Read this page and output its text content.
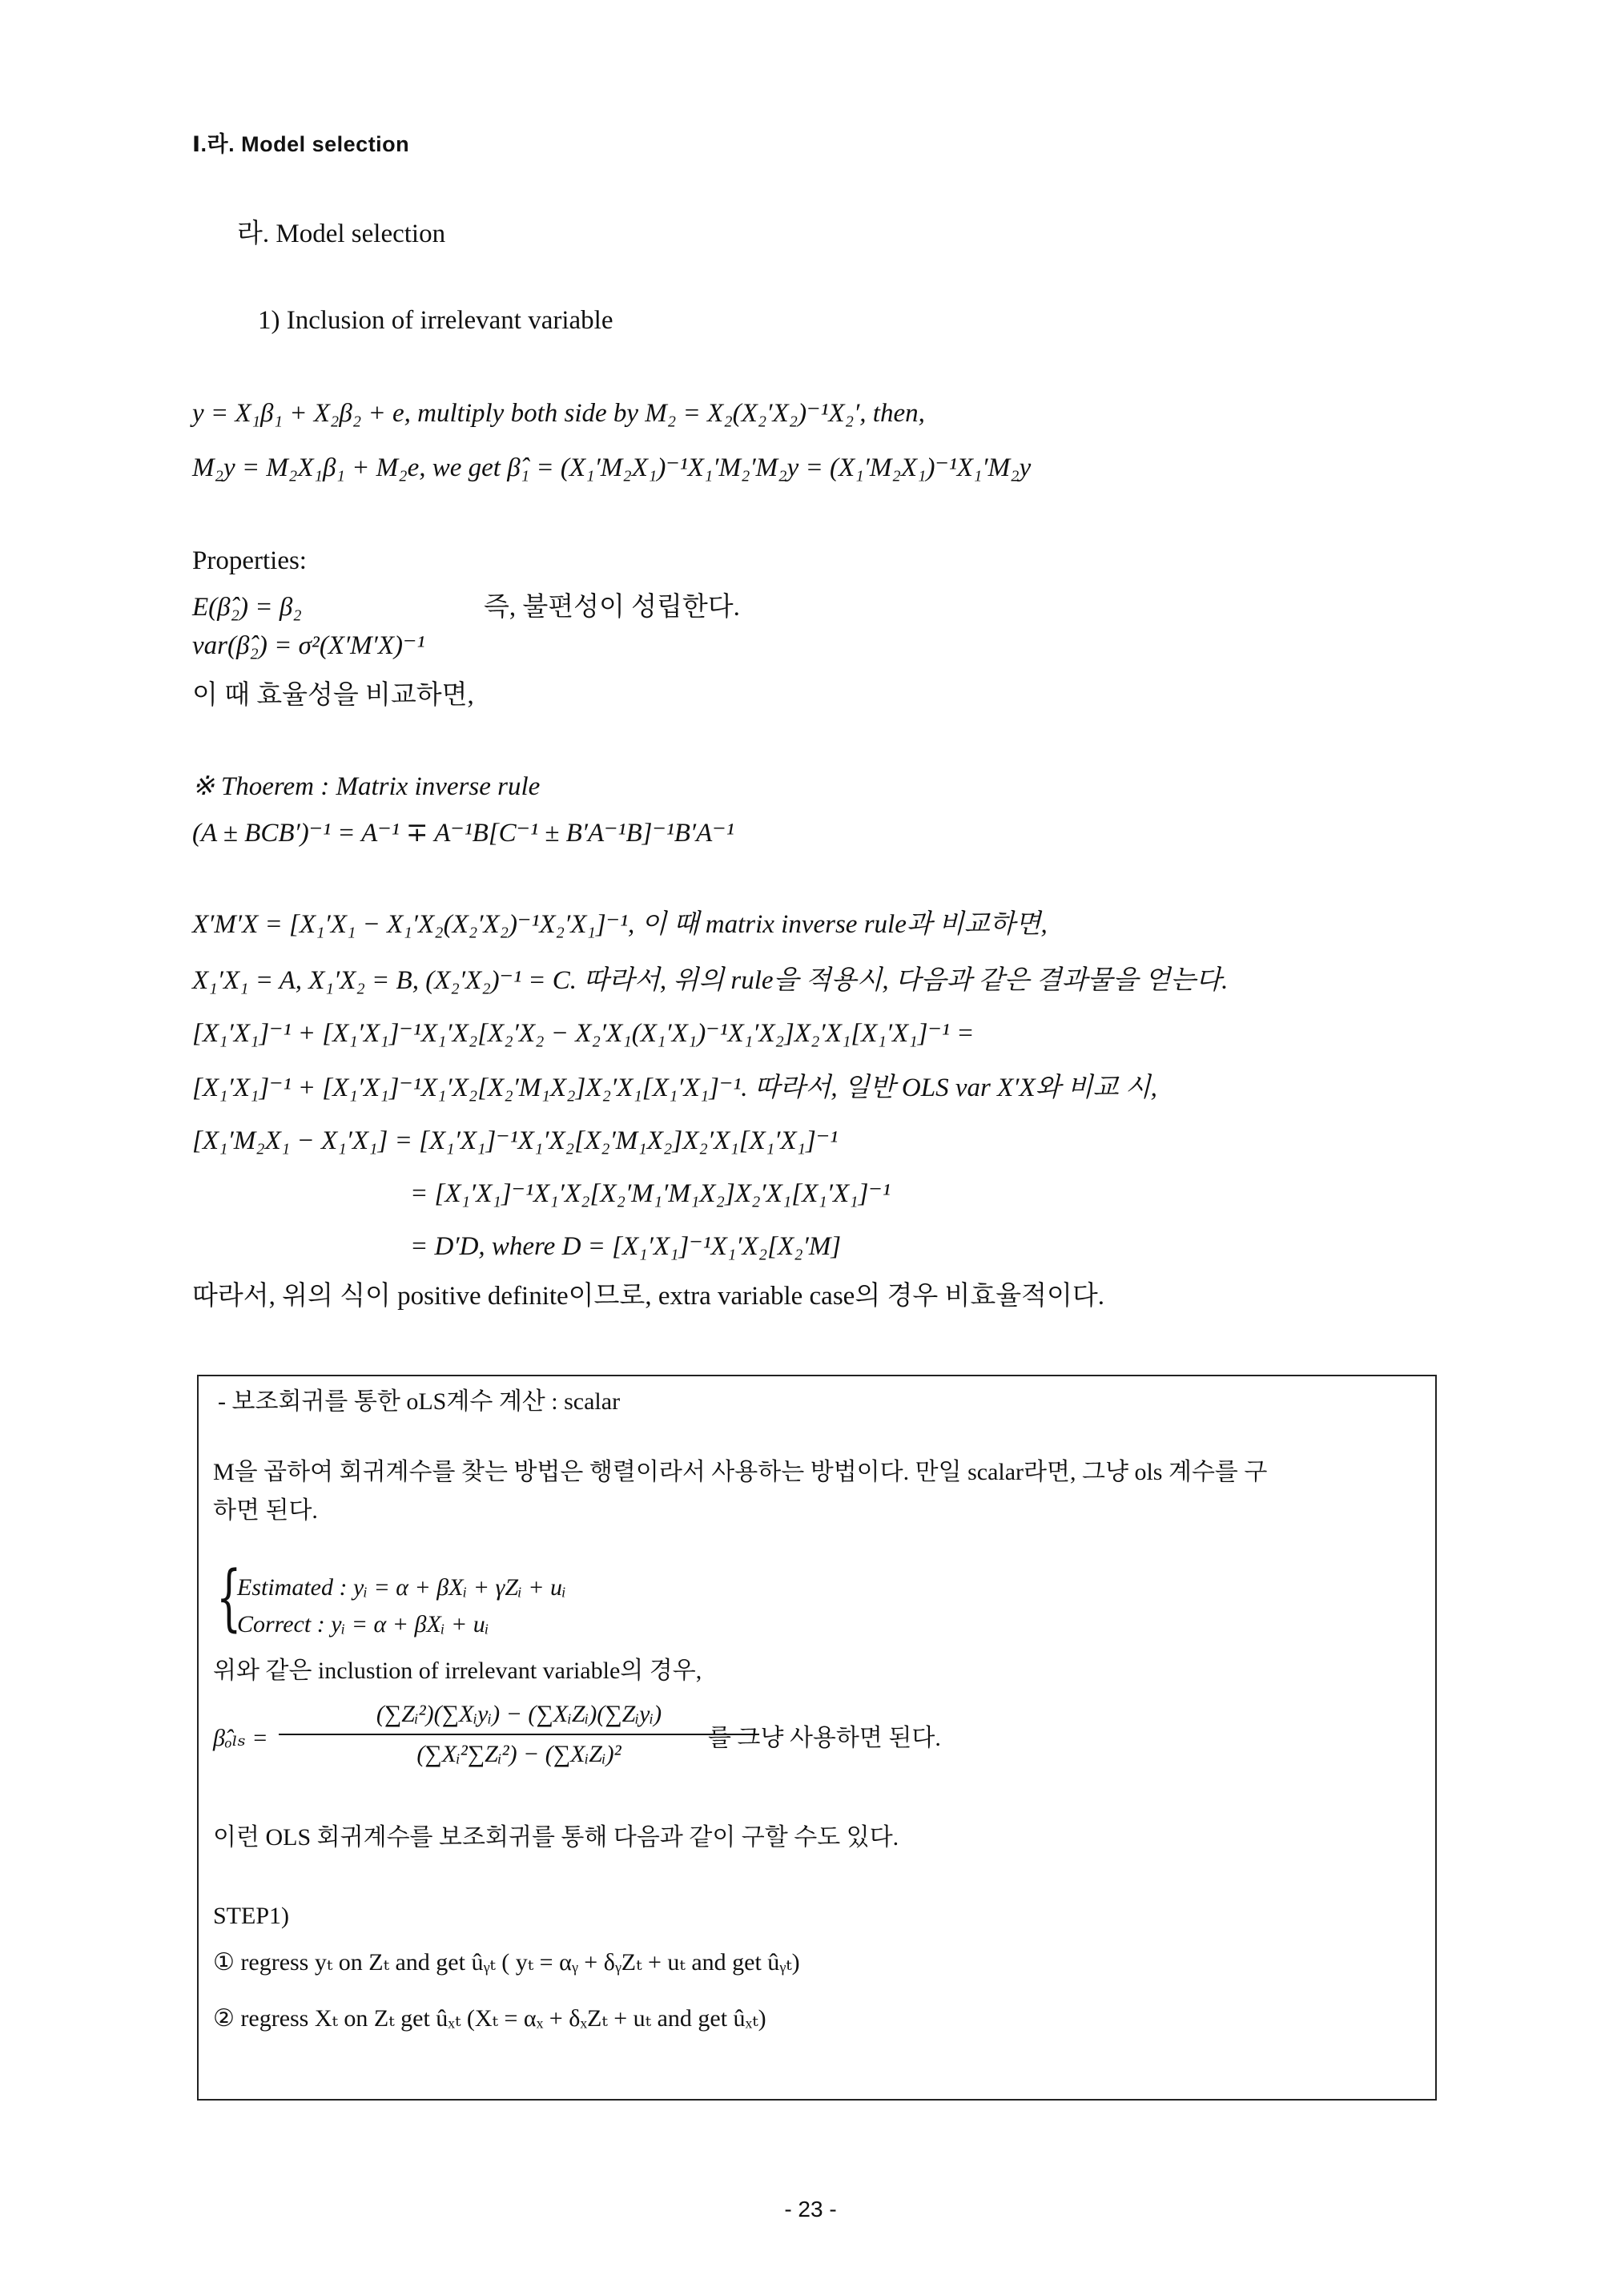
Ⅰ.라. Model selection
라. Model selection
1) Inclusion of irrelevant variable
y = X₁β₁ + X₂β₂ + e, multiply both side by M₂ = X₂(X₂′X₂)⁻¹X₂′, then,
M₂y = M₂X₁β₁ + M₂e, we get β̂₁ = (X₁′M₂X₁)⁻¹X₁′M₂′M₂y = (X₁′M₂X₁)⁻¹X₁′M₂y
Properties:
E(β̂₂) = β₂	즉, 불편성이 성립한다.
var(β̂₂) = σ²(X′M′X)⁻¹
이 때 효율성을 비교하면,
※ Thoerem : Matrix inverse rule
(A ± BCB′)⁻¹ = A⁻¹ ∓ A⁻¹B[C⁻¹ ± B′A⁻¹B]⁻¹B′A⁻¹
X′M′X = [X₁′X₁ − X₁′X₂(X₂′X₂)⁻¹X₂′X₁]⁻¹, 이 때 matrix inverse rule과 비교하면,
X₁′X₁ = A, X₁′X₂ = B, (X₂′X₂)⁻¹ = C. 따라서, 위의 rule을 적용시, 다음과 같은 결과물을 얻는다.
[X₁′X₁]⁻¹ + [X₁′X₁]⁻¹X₁′X₂[X₂′X₂ − X₂′X₁(X₁′X₁)⁻¹X₁′X₂]X₂′X₁[X₁′X₁]⁻¹ =
[X₁′X₁]⁻¹ + [X₁′X₁]⁻¹X₁′X₂[X₂′M₁X₂]X₂′X₁[X₁′X₁]⁻¹. 따라서, 일반 OLS var X′X와 비교 시,
[X₁′M₂X₁ − X₁′X₁] = [X₁′X₁]⁻¹X₁′X₂[X₂′M₁X₂]X₂′X₁[X₁′X₁]⁻¹
= [X₁′X₁]⁻¹X₁′X₂[X₂′M₁′M₁X₂]X₂′X₁[X₁′X₁]⁻¹
= D′D, where D = [X₁′X₁]⁻¹X₁′X₂[X₂′M]
따라서, 위의 식이 positive definite이므로, extra variable case의 경우 비효율적이다.
- 보조회귀를 통한 oLS계수 계산 : scalar
M을 곱하여 회귀계수를 찾는 방법은 행렬이라서 사용하는 방법이다. 만일 scalar라면, 그냥 ols 계수를 구
하면 된다.
{
Estimated : yᵢ = α + βXᵢ + γZᵢ + uᵢ
Correct : yᵢ = α + βXᵢ + uᵢ
위와 같은 inclustion of irrelevant variable의 경우,
β̂ₒₗₛ =
(∑Zᵢ²)(∑Xᵢyᵢ) − (∑XᵢZᵢ)(∑Zᵢyᵢ)
(∑Xᵢ²∑Zᵢ²) − (∑XᵢZᵢ)²
를 그냥 사용하면 된다.
이런 OLS 회귀계수를 보조회귀를 통해 다음과 같이 구할 수도 있다.
STEP1)
① regress yₜ on Zₜ and get ûᵧₜ ( yₜ = αᵧ + δᵧZₜ + uₜ and get ûᵧₜ)
② regress Xₜ on Zₜ get ûₓₜ (Xₜ = αₓ + δₓZₜ + uₜ and get ûₓₜ)
- 23 -
